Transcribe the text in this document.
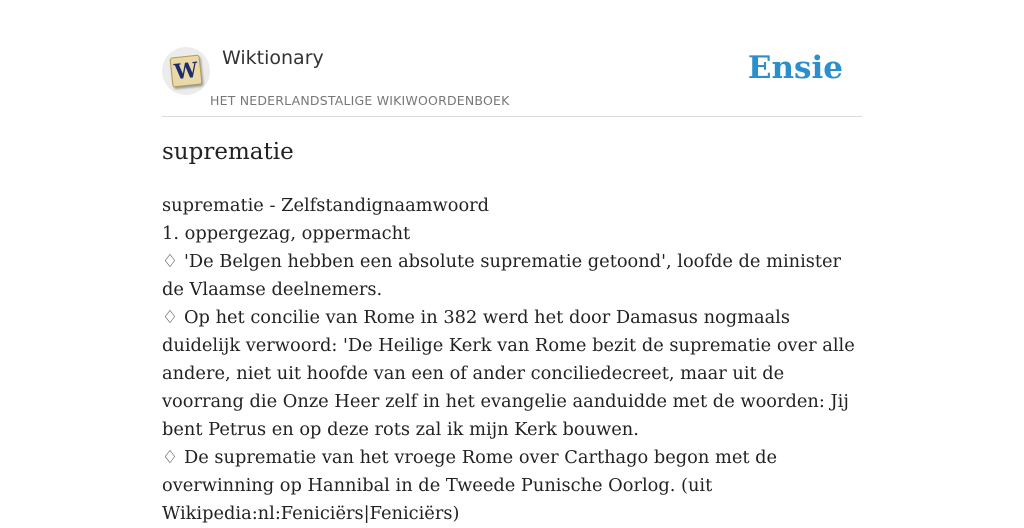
W Wiktionary
HET NEDERLANDSTALIGE WIKIWOORDENBOEK
Ensie
suprematie
suprematie - Zelfstandignaamwoord
1. oppergezag, oppermacht
♢ 'De Belgen hebben een absolute suprematie getoond', loofde de minister de Vlaamse deelnemers.
♢ Op het concilie van Rome in 382 werd het door Damasus nogmaals duidelijk verwoord: 'De Heilige Kerk van Rome bezit de suprematie over alle andere, niet uit hoofde van een of ander conciliedecreet, maar uit de voorrang die Onze Heer zelf in het evangelie aanduidde met de woorden: Jij bent Petrus en op deze rots zal ik mijn Kerk bouwen.
♢ De suprematie van het vroege Rome over Carthago begon met de overwinning op Hannibal in de Tweede Punische Oorlog. (uit Wikipedia:nl:Feniciërs|Feniciërs)
